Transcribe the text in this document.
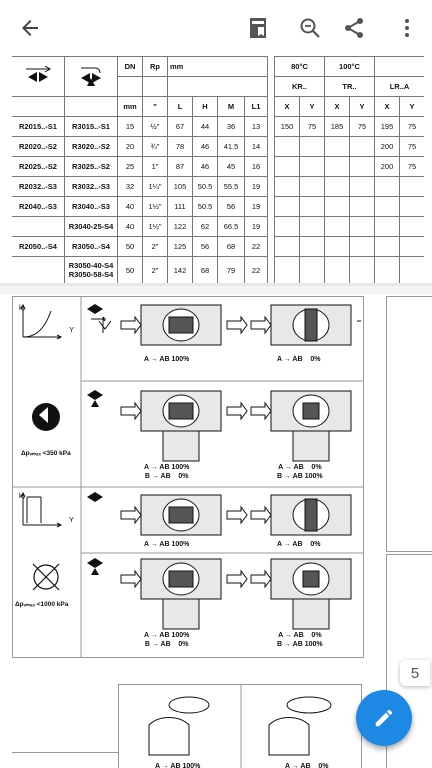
		DN	Rp	mm					80°C		100°C			
									KR..		TR..		LR..A	
		mm	"	L	H	M	L1		X	Y	X	Y	X	Y
R2015..-S1	R3015..-S1	15	½"	67	44	36	13		150	75	185	75	195	75
R2020..-S2	R3020..-S2	20	¾"	78	46	41.5	14						200	75
R2025..-S2	R3025..-S2	25	1"	87	46	45	16						200	75
R2032..-S3	R3032..-S3	32	1¼"	105	50.5	55.5	19							
R2040..-S3	R3040..-S3	40	1½"	111	50.5	56	19							
	R3040-25-S4	40	1½"	122	62	66.5	19							
R2050..-S4	R3050..-S4	50	2"	125	56	68	22							
	R3050-40-S4
R3050-58-S4	50	2"	142	68	79	22							
kᵥ
Y
kᵥ
Y
Δpᵥₘₐₓ <350 kPa
Δpᵥₘₐₓ <1000 kPa
A → AB 100%	A → AB    0%
A → AB 100%
B → AB    0%
A → AB    0%
B → AB 100%
A → AB 100%	A → AB    0%
A → AB 100%
B → AB    0%
A → AB    0%
B → AB 100%
A → AB 100%	A → AB    0%
5
